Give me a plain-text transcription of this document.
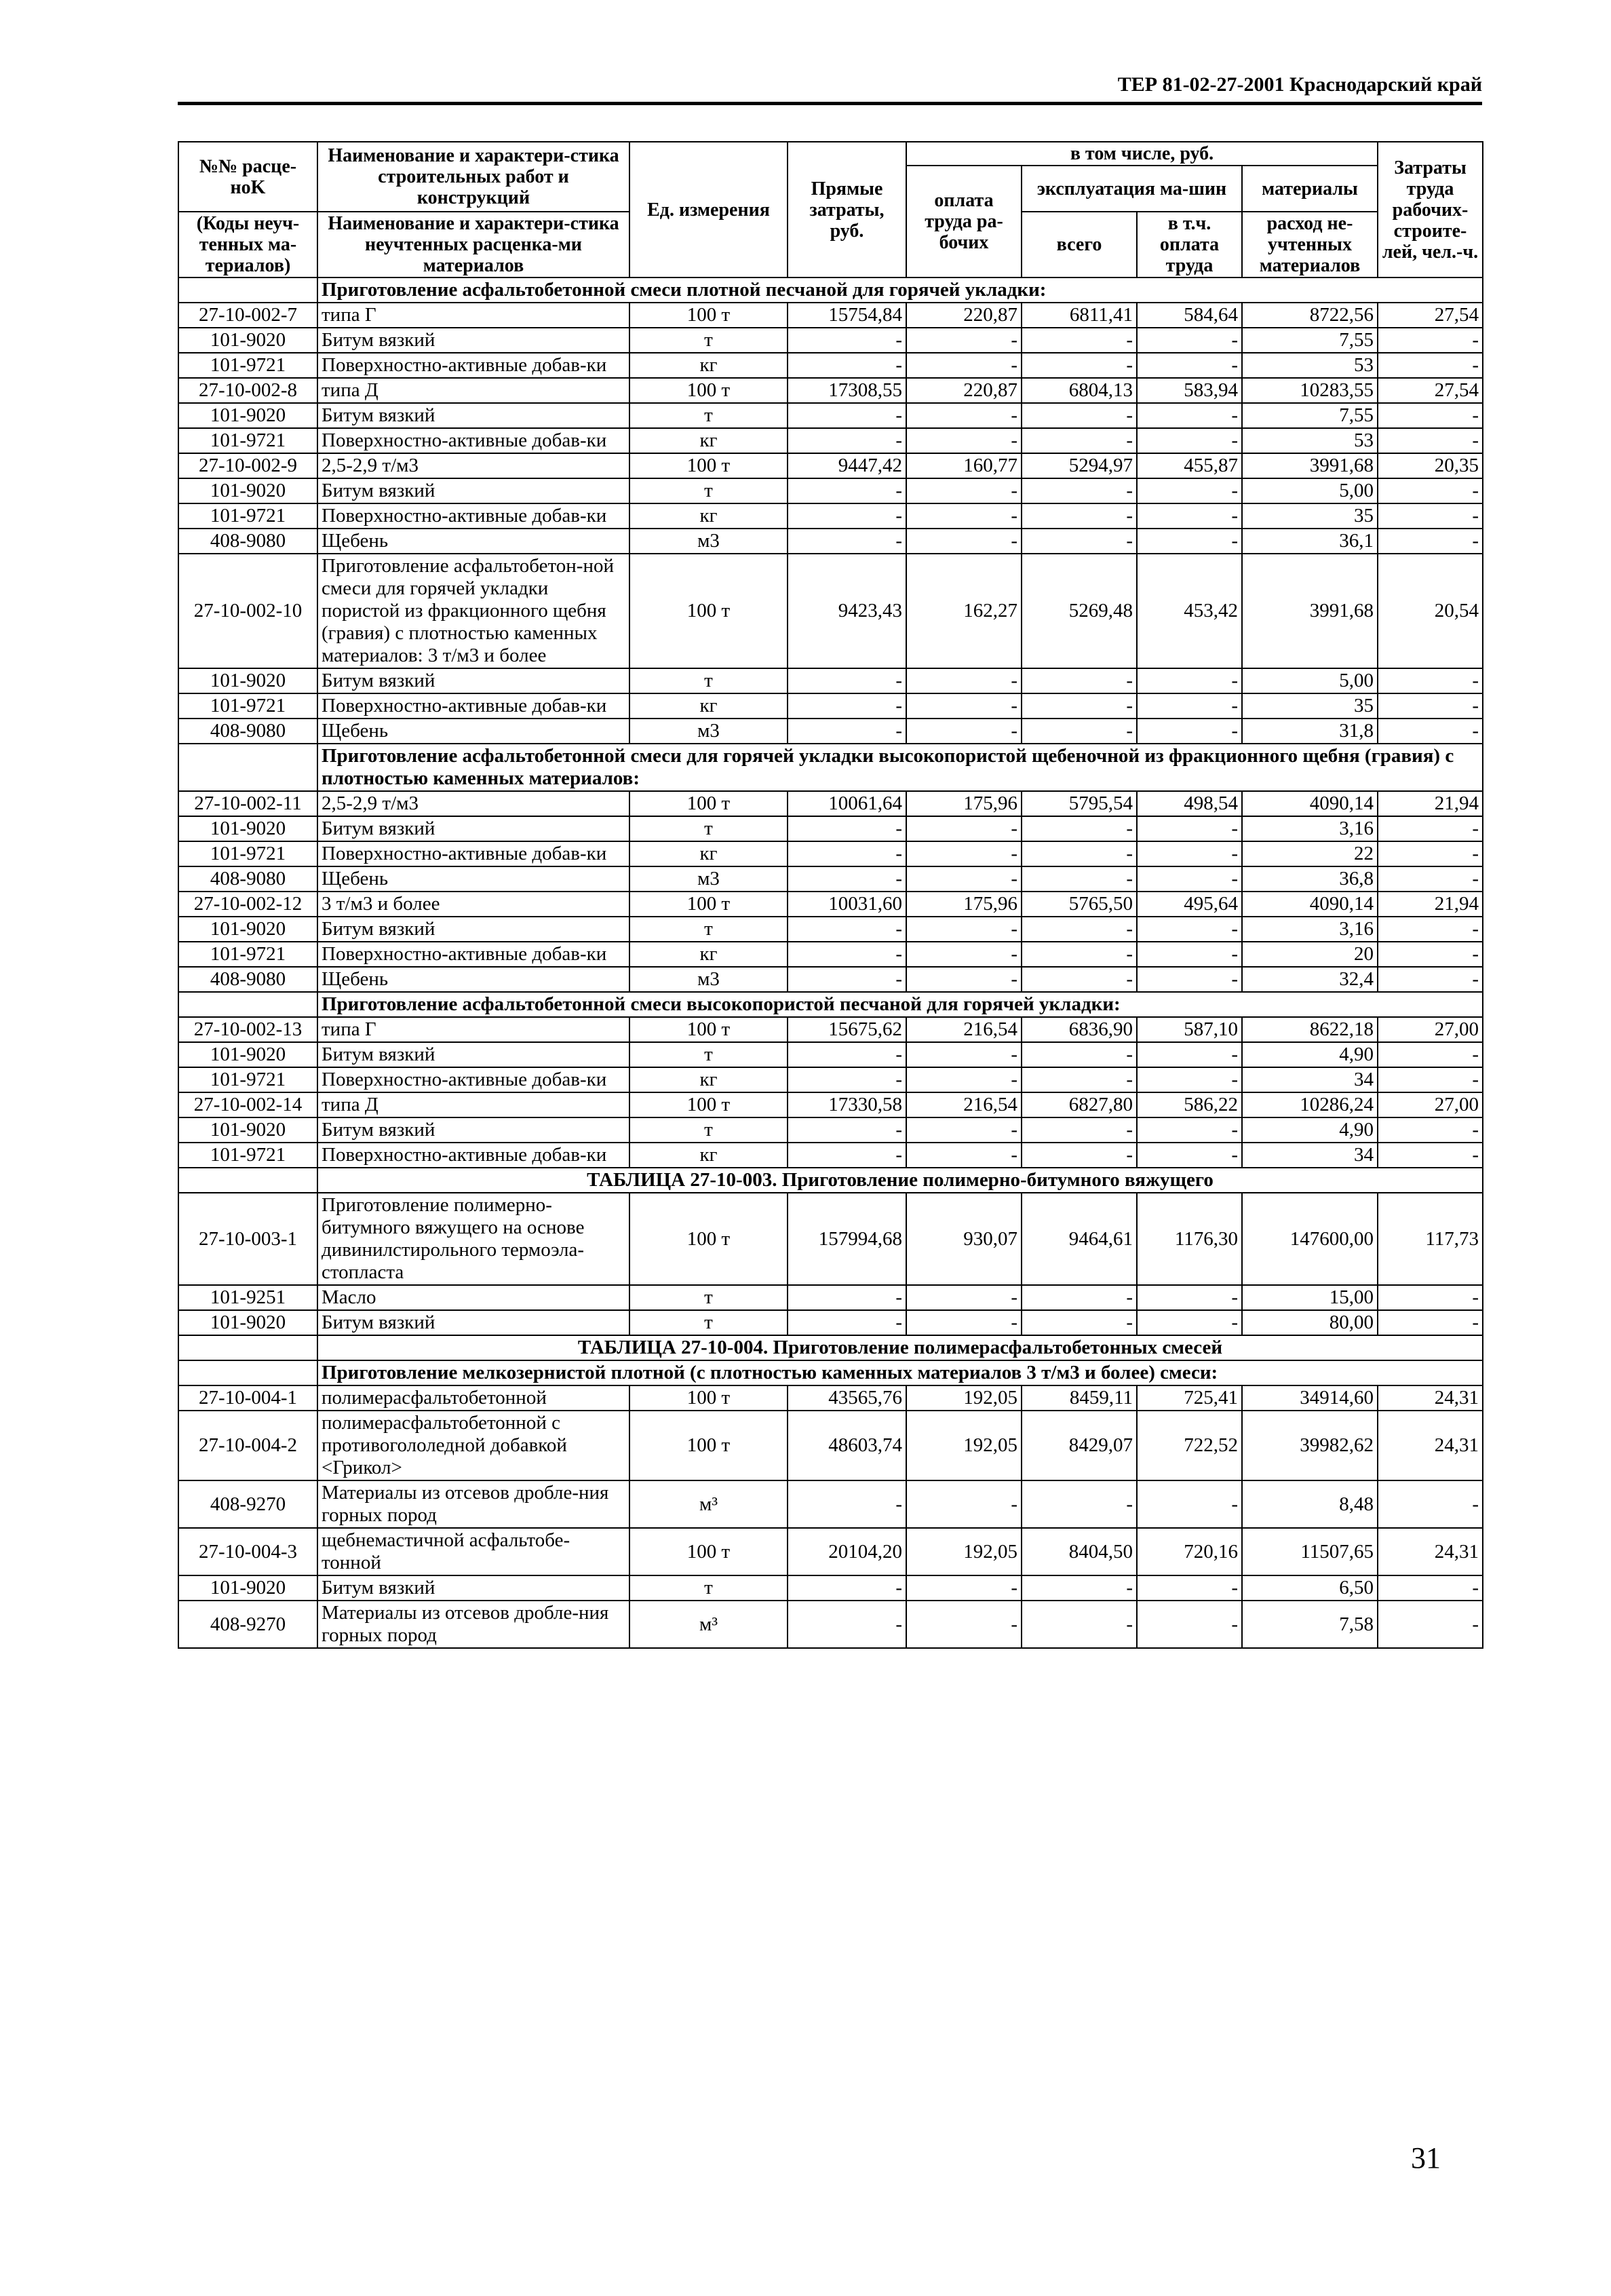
ТЕР 81-02-27-2001 Краснодарский край
№№ расце-ноK	Наименование и характери-стика строительных работ и конструкций	Ед. измерения	Прямые затраты, руб.	в том числе, руб.				Затраты труда рабочих-строите-лей, чел.-ч.
				оплата труда ра-бочих	эксплуатация ма-шин		материалы	

(Коды неуч-тенных ма-териалов)	Наименование и характери-стика неучтенных расценка-ми материалов				всего	в т.ч. оплата труда	расход не-учтенных материалов	

	Приготовление асфальтобетонной смеси плотной песчаной для горячей укладки:							
27-10-002-7	типа Г	100 т	15754,84	220,87	6811,41	584,64	8722,56	27,54
101-9020	Битум вязкий	т	-	-	-	-	7,55	-
101-9721	Поверхностно-активные добав-ки	кг	-	-	-	-	53	-
27-10-002-8	типа Д	100 т	17308,55	220,87	6804,13	583,94	10283,55	27,54
101-9020	Битум вязкий	т	-	-	-	-	7,55	-
101-9721	Поверхностно-активные добав-ки	кг	-	-	-	-	53	-
27-10-002-9	2,5-2,9 т/м3	100 т	9447,42	160,77	5294,97	455,87	3991,68	20,35
101-9020	Битум вязкий	т	-	-	-	-	5,00	-
101-9721	Поверхностно-активные добав-ки	кг	-	-	-	-	35	-
408-9080	Щебень	м3	-	-	-	-	36,1	-
27-10-002-10	Приготовление асфальтобетон-ной смеси для горячей укладки пористой из фракционного щебня (гравия) с плотностью каменных материалов: 3 т/м3 и более	100 т	9423,43	162,27	5269,48	453,42	3991,68	20,54
101-9020	Битум вязкий	т	-	-	-	-	5,00	-
101-9721	Поверхностно-активные добав-ки	кг	-	-	-	-	35	-
408-9080	Щебень	м3	-	-	-	-	31,8	-
	Приготовление асфальтобетонной смеси для горячей укладки высокопористой щебеночной из фракционного щебня (гравия) с плотностью каменных материалов:							
27-10-002-11	2,5-2,9 т/м3	100 т	10061,64	175,96	5795,54	498,54	4090,14	21,94
101-9020	Битум вязкий	т	-	-	-	-	3,16	-
101-9721	Поверхностно-активные добав-ки	кг	-	-	-	-	22	-
408-9080	Щебень	м3	-	-	-	-	36,8	-
27-10-002-12	3 т/м3 и более	100 т	10031,60	175,96	5765,50	495,64	4090,14	21,94
101-9020	Битум вязкий	т	-	-	-	-	3,16	-
101-9721	Поверхностно-активные добав-ки	кг	-	-	-	-	20	-
408-9080	Щебень	м3	-	-	-	-	32,4	-
	Приготовление асфальтобетонной смеси высокопористой песчаной для горячей укладки:							
27-10-002-13	типа Г	100 т	15675,62	216,54	6836,90	587,10	8622,18	27,00
101-9020	Битум вязкий	т	-	-	-	-	4,90	-
101-9721	Поверхностно-активные добав-ки	кг	-	-	-	-	34	-
27-10-002-14	типа Д	100 т	17330,58	216,54	6827,80	586,22	10286,24	27,00
101-9020	Битум вязкий	т	-	-	-	-	4,90	-
101-9721	Поверхностно-активные добав-ки	кг	-	-	-	-	34	-
	ТАБЛИЦА 27-10-003. Приготовление полимерно-битумного вяжущего							
27-10-003-1	Приготовление полимерно-битумного вяжущего на основе дивинилстирольного термоэла-стопласта	100 т	157994,68	930,07	9464,61	1176,30	147600,00	117,73
101-9251	Масло	т	-	-	-	-	15,00	-
101-9020	Битум вязкий	т	-	-	-	-	80,00	-
	ТАБЛИЦА 27-10-004. Приготовление полимерасфальтобетонных смесей							
	Приготовление мелкозернистой плотной (с плотностью каменных материалов 3 т/м3 и более) смеси:							
27-10-004-1	полимерасфальтобетонной	100 т	43565,76	192,05	8459,11	725,41	34914,60	24,31
27-10-004-2	полимерасфальтобетонной с противогололедной добавкой <Грикол>	100 т	48603,74	192,05	8429,07	722,52	39982,62	24,31
408-9270	Материалы из отсевов дробле-ния горных пород	м³	-	-	-	-	8,48	-
27-10-004-3	щебнемастичной асфальтобе-тонной	100 т	20104,20	192,05	8404,50	720,16	11507,65	24,31
101-9020	Битум вязкий	т	-	-	-	-	6,50	-
408-9270	Материалы из отсевов дробле-ния горных пород	м³	-	-	-	-	7,58	-
31
